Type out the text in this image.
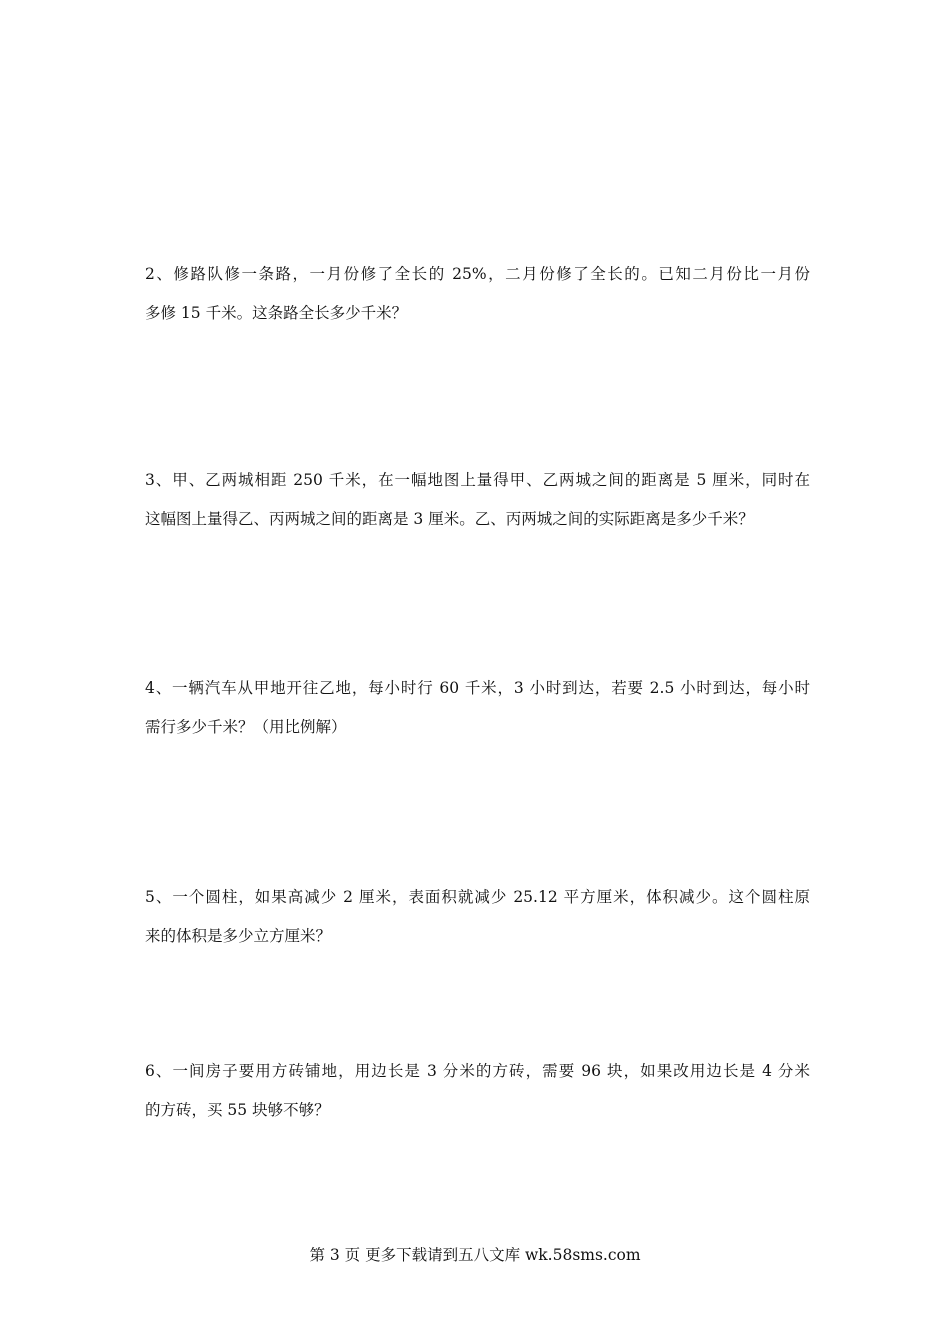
2、修路队修一条路，一月份修了全长的 25%，二月份修了全长的。已知二月份比一月份
多修 15 千米。这条路全长多少千米？
3、甲、乙两城相距 250 千米，在一幅地图上量得甲、乙两城之间的距离是 5 厘米，同时在
这幅图上量得乙、丙两城之间的距离是 3 厘米。乙、丙两城之间的实际距离是多少千米？
4、一辆汽车从甲地开往乙地，每小时行 60 千米，3 小时到达，若要 2.5 小时到达，每小时
需行多少千米？（用比例解）
5、一个圆柱，如果高减少 2 厘米，表面积就减少 25.12 平方厘米，体积减少。这个圆柱原
来的体积是多少立方厘米？
6、一间房子要用方砖铺地，用边长是 3 分米的方砖，需要 96 块，如果改用边长是 4 分米
的方砖，买 55 块够不够？
第 3 页 更多下载请到五八文库 wk.58sms.com
